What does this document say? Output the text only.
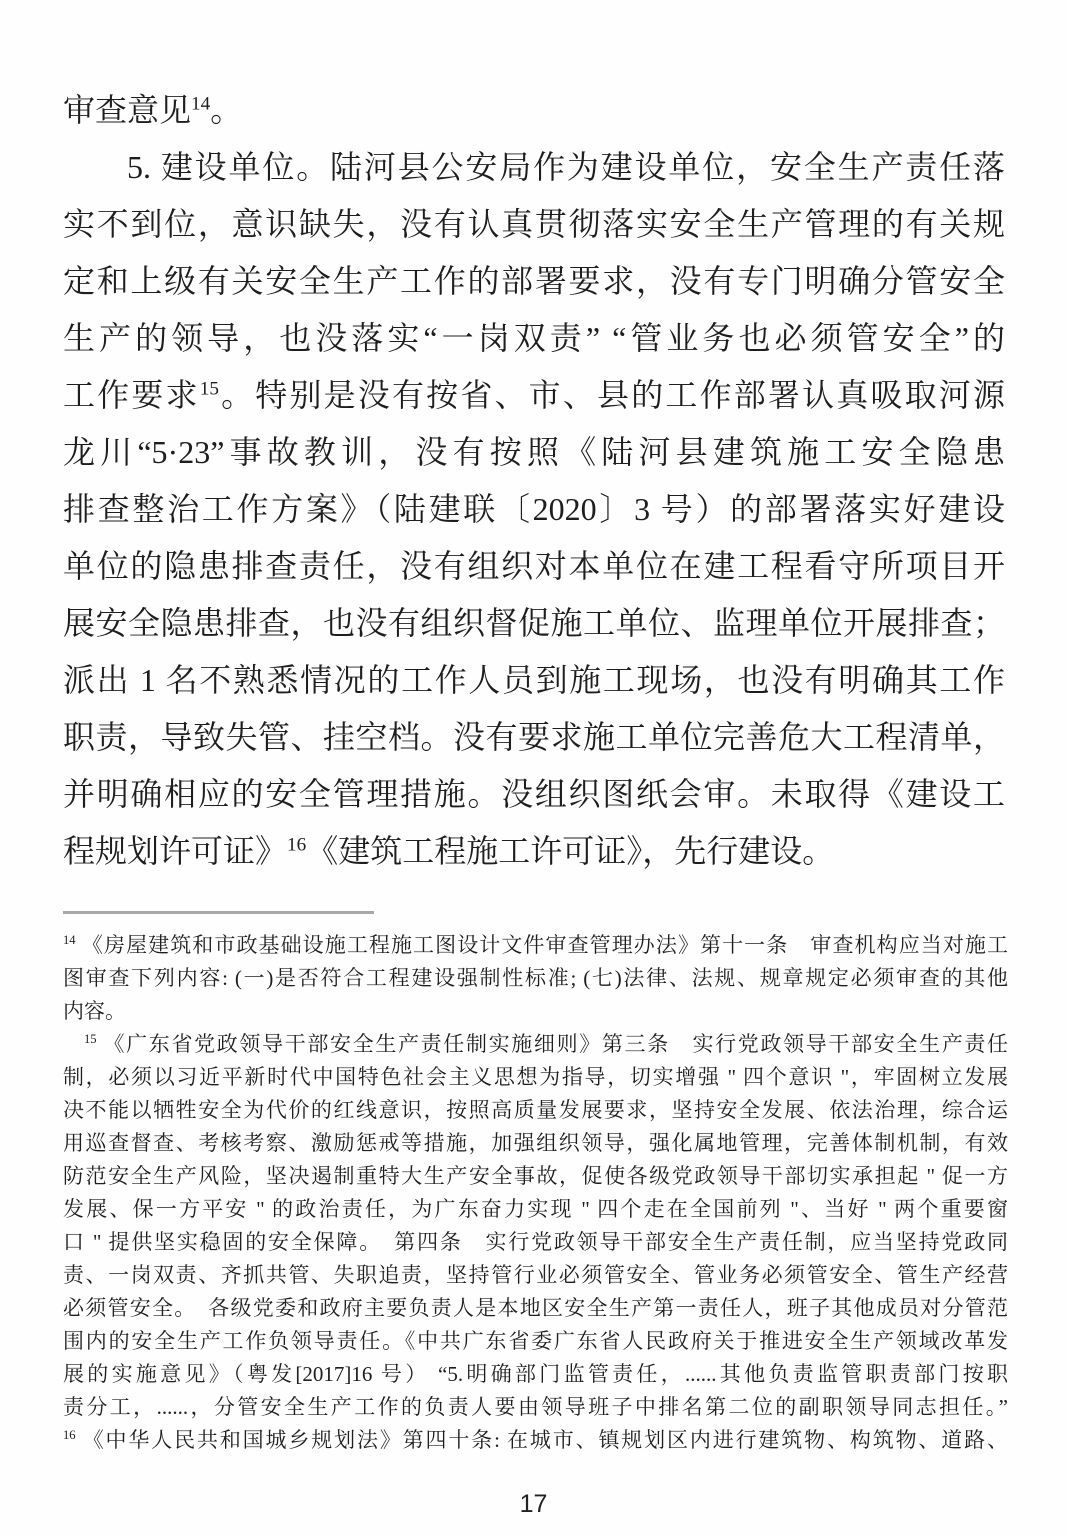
审查意见$^{14}$。
5. 建设单位。陆河县公安局作为建设单位，安全生产责任落
实不到位，意识缺失，没有认真贯彻落实安全生产管理的有关规
定和上级有关安全生产工作的部署要求，没有专门明确分管安全
生产的领导，也没落实“一岗双责” “管业务也必须管安全”的
工作要求$^{15}$。特别是没有按省、市、县的工作部署认真吸取河源
龙川“5·23”事故教训，没有按照《陆河县建筑施工安全隐患
排查整治工作方案》（陆建联〔2020〕3 号）的部署落实好建设
单位的隐患排查责任，没有组织对本单位在建工程看守所项目开
展安全隐患排查，也没有组织督促施工单位、监理单位开展排查；
派出 1 名不熟悉情况的工作人员到施工现场，也没有明确其工作
职责，导致失管、挂空档。没有要求施工单位完善危大工程清单，
并明确相应的安全管理措施。没组织图纸会审。未取得《建设工
程规划许可证》$^{16}$《建筑工程施工许可证》，先行建设。
$^{14}$ 《房屋建筑和市政基础设施工程施工图设计文件审查管理办法》第十一条　审查机构应当对施工
图审查下列内容: (一)是否符合工程建设强制性标准; (七)法律、法规、规章规定必须审查的其他
内容。
$^{15}$ 《广东省党政领导干部安全生产责任制实施细则》第三条　实行党政领导干部安全生产责任
制，必须以习近平新时代中国特色社会主义思想为指导，切实增强 " 四个意识 "，牢固树立发展
决不能以牺牲安全为代价的红线意识，按照高质量发展要求，坚持安全发展、依法治理，综合运
用巡查督查、考核考察、激励惩戒等措施，加强组织领导，强化属地管理，完善体制机制，有效
防范安全生产风险，坚决遏制重特大生产安全事故，促使各级党政领导干部切实承担起 " 促一方
发展、保一方平安 " 的政治责任，为广东奋力实现 " 四个走在全国前列 "、当好 " 两个重要窗
口 " 提供坚实稳固的安全保障。　第四条　实行党政领导干部安全生产责任制，应当坚持党政同
责、一岗双责、齐抓共管、失职追责，坚持管行业必须管安全、管业务必须管安全、管生产经营
必须管安全。　各级党委和政府主要负责人是本地区安全生产第一责任人，班子其他成员对分管范
围内的安全生产工作负领导责任。《中共广东省委广东省人民政府关于推进安全生产领域改革发
展的实施意见》（粤发[2017]16 号） “5.明确部门监管责任，......其他负责监管职责部门按职
责分工，......，分管安全生产工作的负责人要由领导班子中排名第二位的副职领导同志担任。”
$^{16}$ 《中华人民共和国城乡规划法》第四十条: 在城市、镇规划区内进行建筑物、构筑物、道路、
17
